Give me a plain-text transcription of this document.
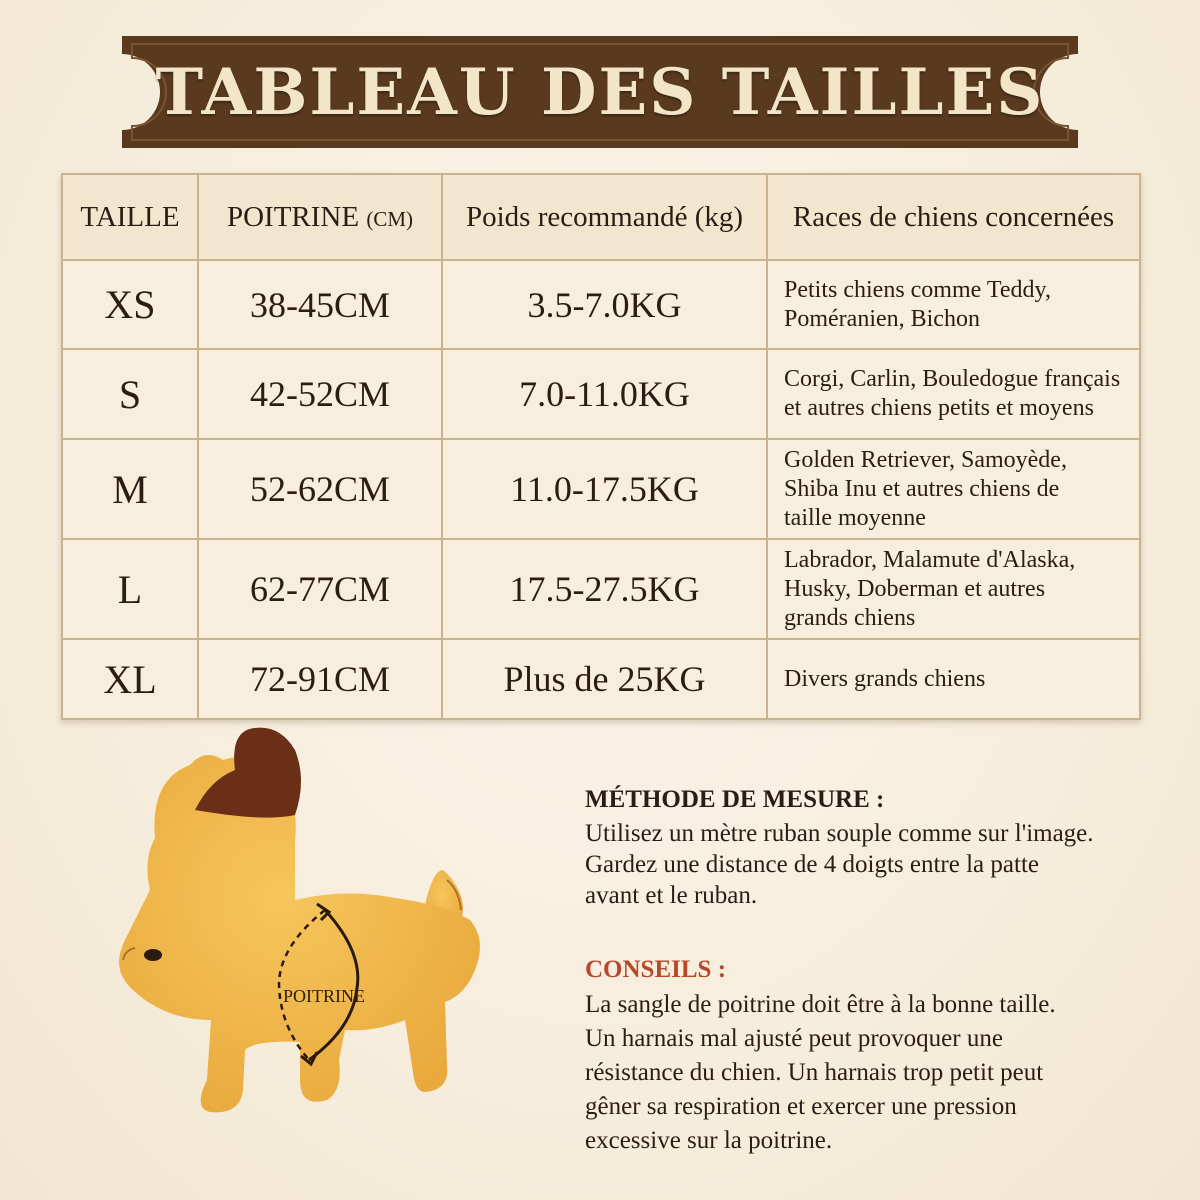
TABLEAU DES TAILLES
TAILLE	POITRINE (CM)	Poids recommandé (kg)	Races de chiens concernées
XS	38-45CM	3.5-7.0KG	Petits chiens comme Teddy,
Poméranien, Bichon

S	42-52CM	7.0-11.0KG	Corgi, Carlin, Bouledogue français
et autres chiens petits et moyens

M	52-62CM	11.0-17.5KG	Golden Retriever, Samoyède,
Shiba Inu et autres chiens de
taille moyenne

L	62-77CM	17.5-27.5KG	Labrador, Malamute d'Alaska,
Husky, Doberman et autres
grands chiens

XL	72-91CM	Plus de 25KG	Divers grands chiens
POITRINE
MÉTHODE DE MESURE :
Utilisez un mètre ruban souple comme sur l'image.
Gardez une distance de 4 doigts entre la patte
avant et le ruban.
CONSEILS :
La sangle de poitrine doit être à la bonne taille.
Un harnais mal ajusté peut provoquer une
résistance du chien. Un harnais trop petit peut
gêner sa respiration et exercer une pression
excessive sur la poitrine.
